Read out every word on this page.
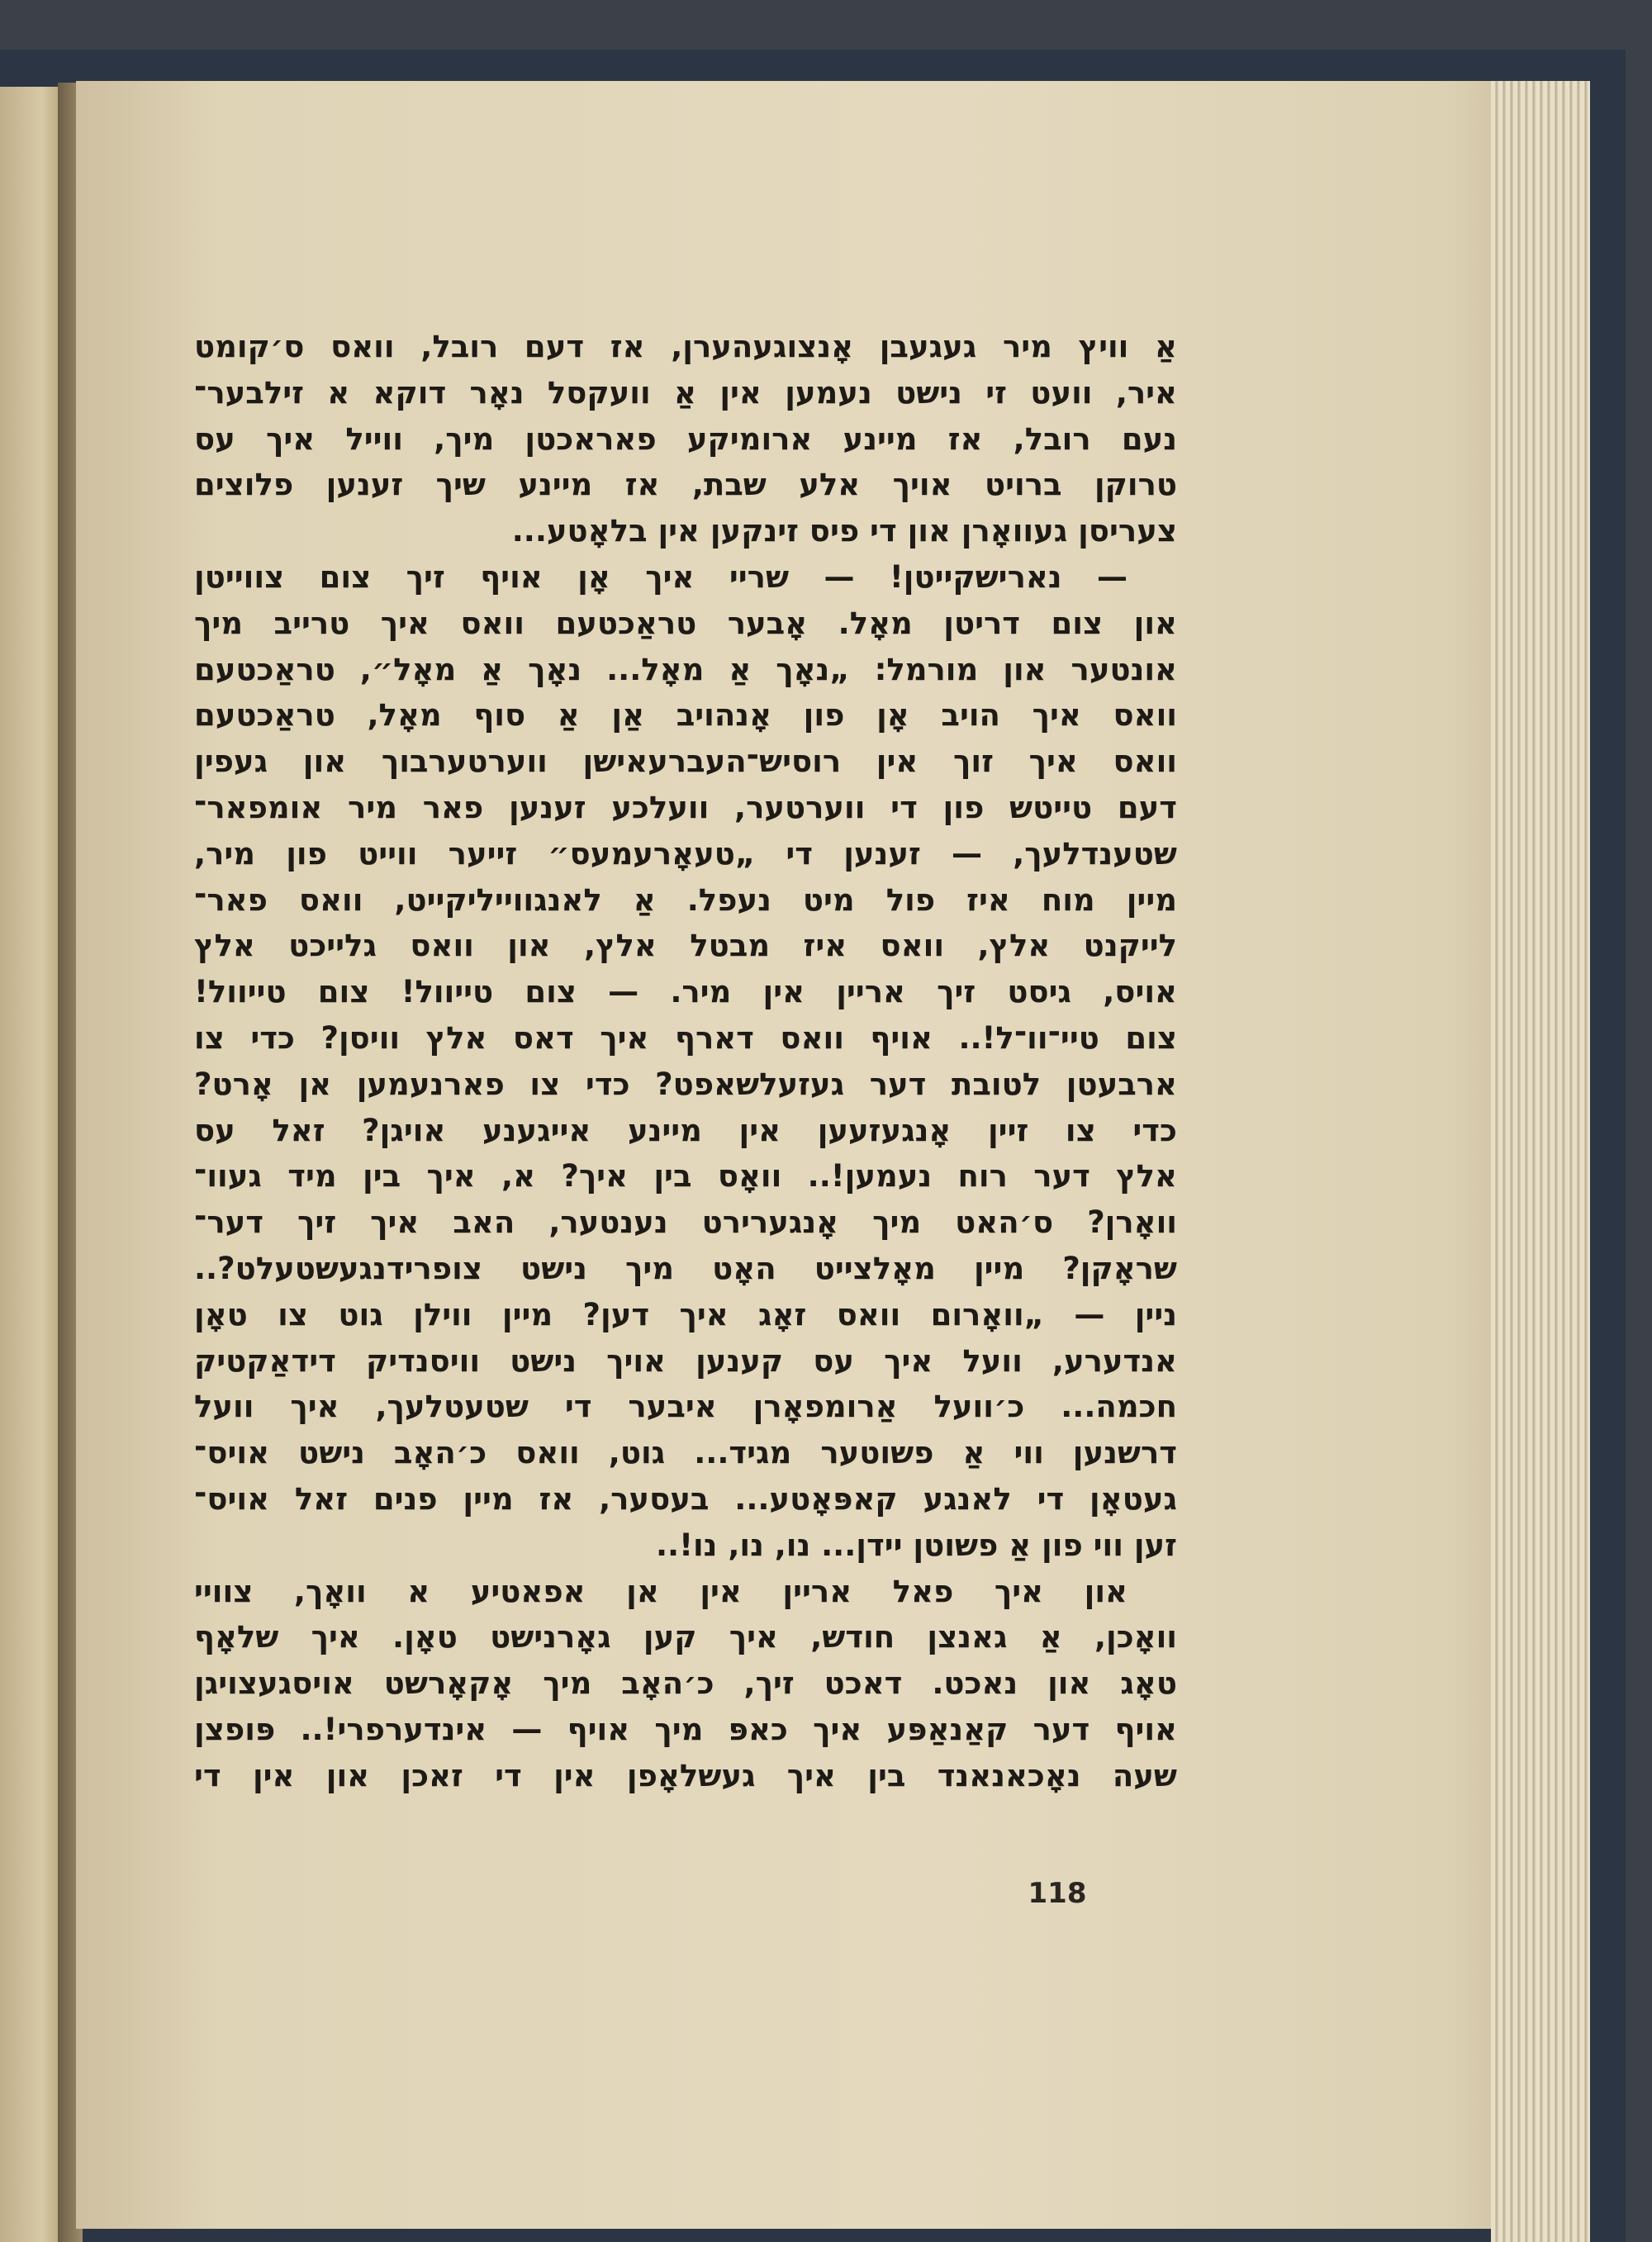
אַ וויץ מיר געגעבן אָנצוגעהערן, אז דעם רובל, וואס ס׳קומט
איר, וועט זי נישט נעמען אין אַ וועקסל נאָר דוקא א זילבער־
נעם רובל, אז מיינע ארומיקע פאראכטן מיך, ווייל איך עס
טרוקן ברויט אויך אלע שבת, אז מיינע שיך זענען פלוצים
צעריסן געוואָרן און די פיס זינקען אין בלאָטע...
— נארישקייטן! — שריי איך אָן אויף זיך צום צווייטן
און צום דריטן מאָל. אָבער טראַכטעם וואס איך טרייב מיך
אונטער און מורמל: „נאָך אַ מאָל... נאָך אַ מאָל״, טראַכטעם
וואס איך הויב אָן פון אָנהויב אַן אַ סוף מאָל, טראַכטעם
וואס איך זוך אין רוסיש־העברעאישן ווערטערבוך און געפין
דעם טייטש פון די ווערטער, וועלכע זענען פאר מיר אומפאר־
שטענדלעך, — זענען די „טעאָרעמעס״ זייער ווייט פון מיר,
מיין מוח איז פול מיט נעפל. אַ לאנגווייליקייט, וואס פאר־
לייקנט אלץ, וואס איז מבטל אלץ, און וואס גלייכט אלץ
אויס, גיסט זיך אריין אין מיר. — צום טייוול! צום טייוול!
צום טיי־וו־ל!.. אויף וואס דארף איך דאס אלץ וויסן? כדי צו
ארבעטן לטובת דער געזעלשאפט? כדי צו פארנעמען אן אָרט?
כדי צו זיין אָנגעזעען אין מיינע אייגענע אויגן? זאל עס
אלץ דער רוח נעמען!.. וואָס בין איך? א, איך בין מיד געוו־
וואָרן? ס׳האט מיך אָנגערירט נענטער, האב איך זיך דער־
שראָקן? מיין מאָלצייט האָט מיך נישט צופרידנגעשטעלט?..
ניין — „וואָרום וואס זאָג איך דען? מיין ווילן גוט צו טאָן
אנדערע, וועל איך עס קענען אויך נישט וויסנדיק דידאַקטיק
חכמה... כ׳וועל אַרומפאָרן איבער די שטעטלעך, איך וועל
דרשנען ווי אַ פשוטער מגיד... גוט, וואס כ׳האָב נישט אויס־
געטאָן די לאנגע קאפּאָטע... בעסער, אז מיין פנים זאל אויס־
זען ווי פון אַ פשוטן יידן... נו, נו, נו!..
און איך פאל אריין אין אן אפאטיע א וואָך, צוויי
וואָכן, אַ גאנצן חודש, איך קען גאָרנישט טאָן. איך שלאָף
טאָג און נאכט. דאכט זיך, כ׳האָב מיך אָקאָרשט אויסגעצויגן
אויף דער קאַנאַפּע איך כאפּ מיך אויף — אינדערפרי!.. פּופצן
שעה נאָכאנאנד בין איך געשלאָפן אין די זאכן און אין די
118
